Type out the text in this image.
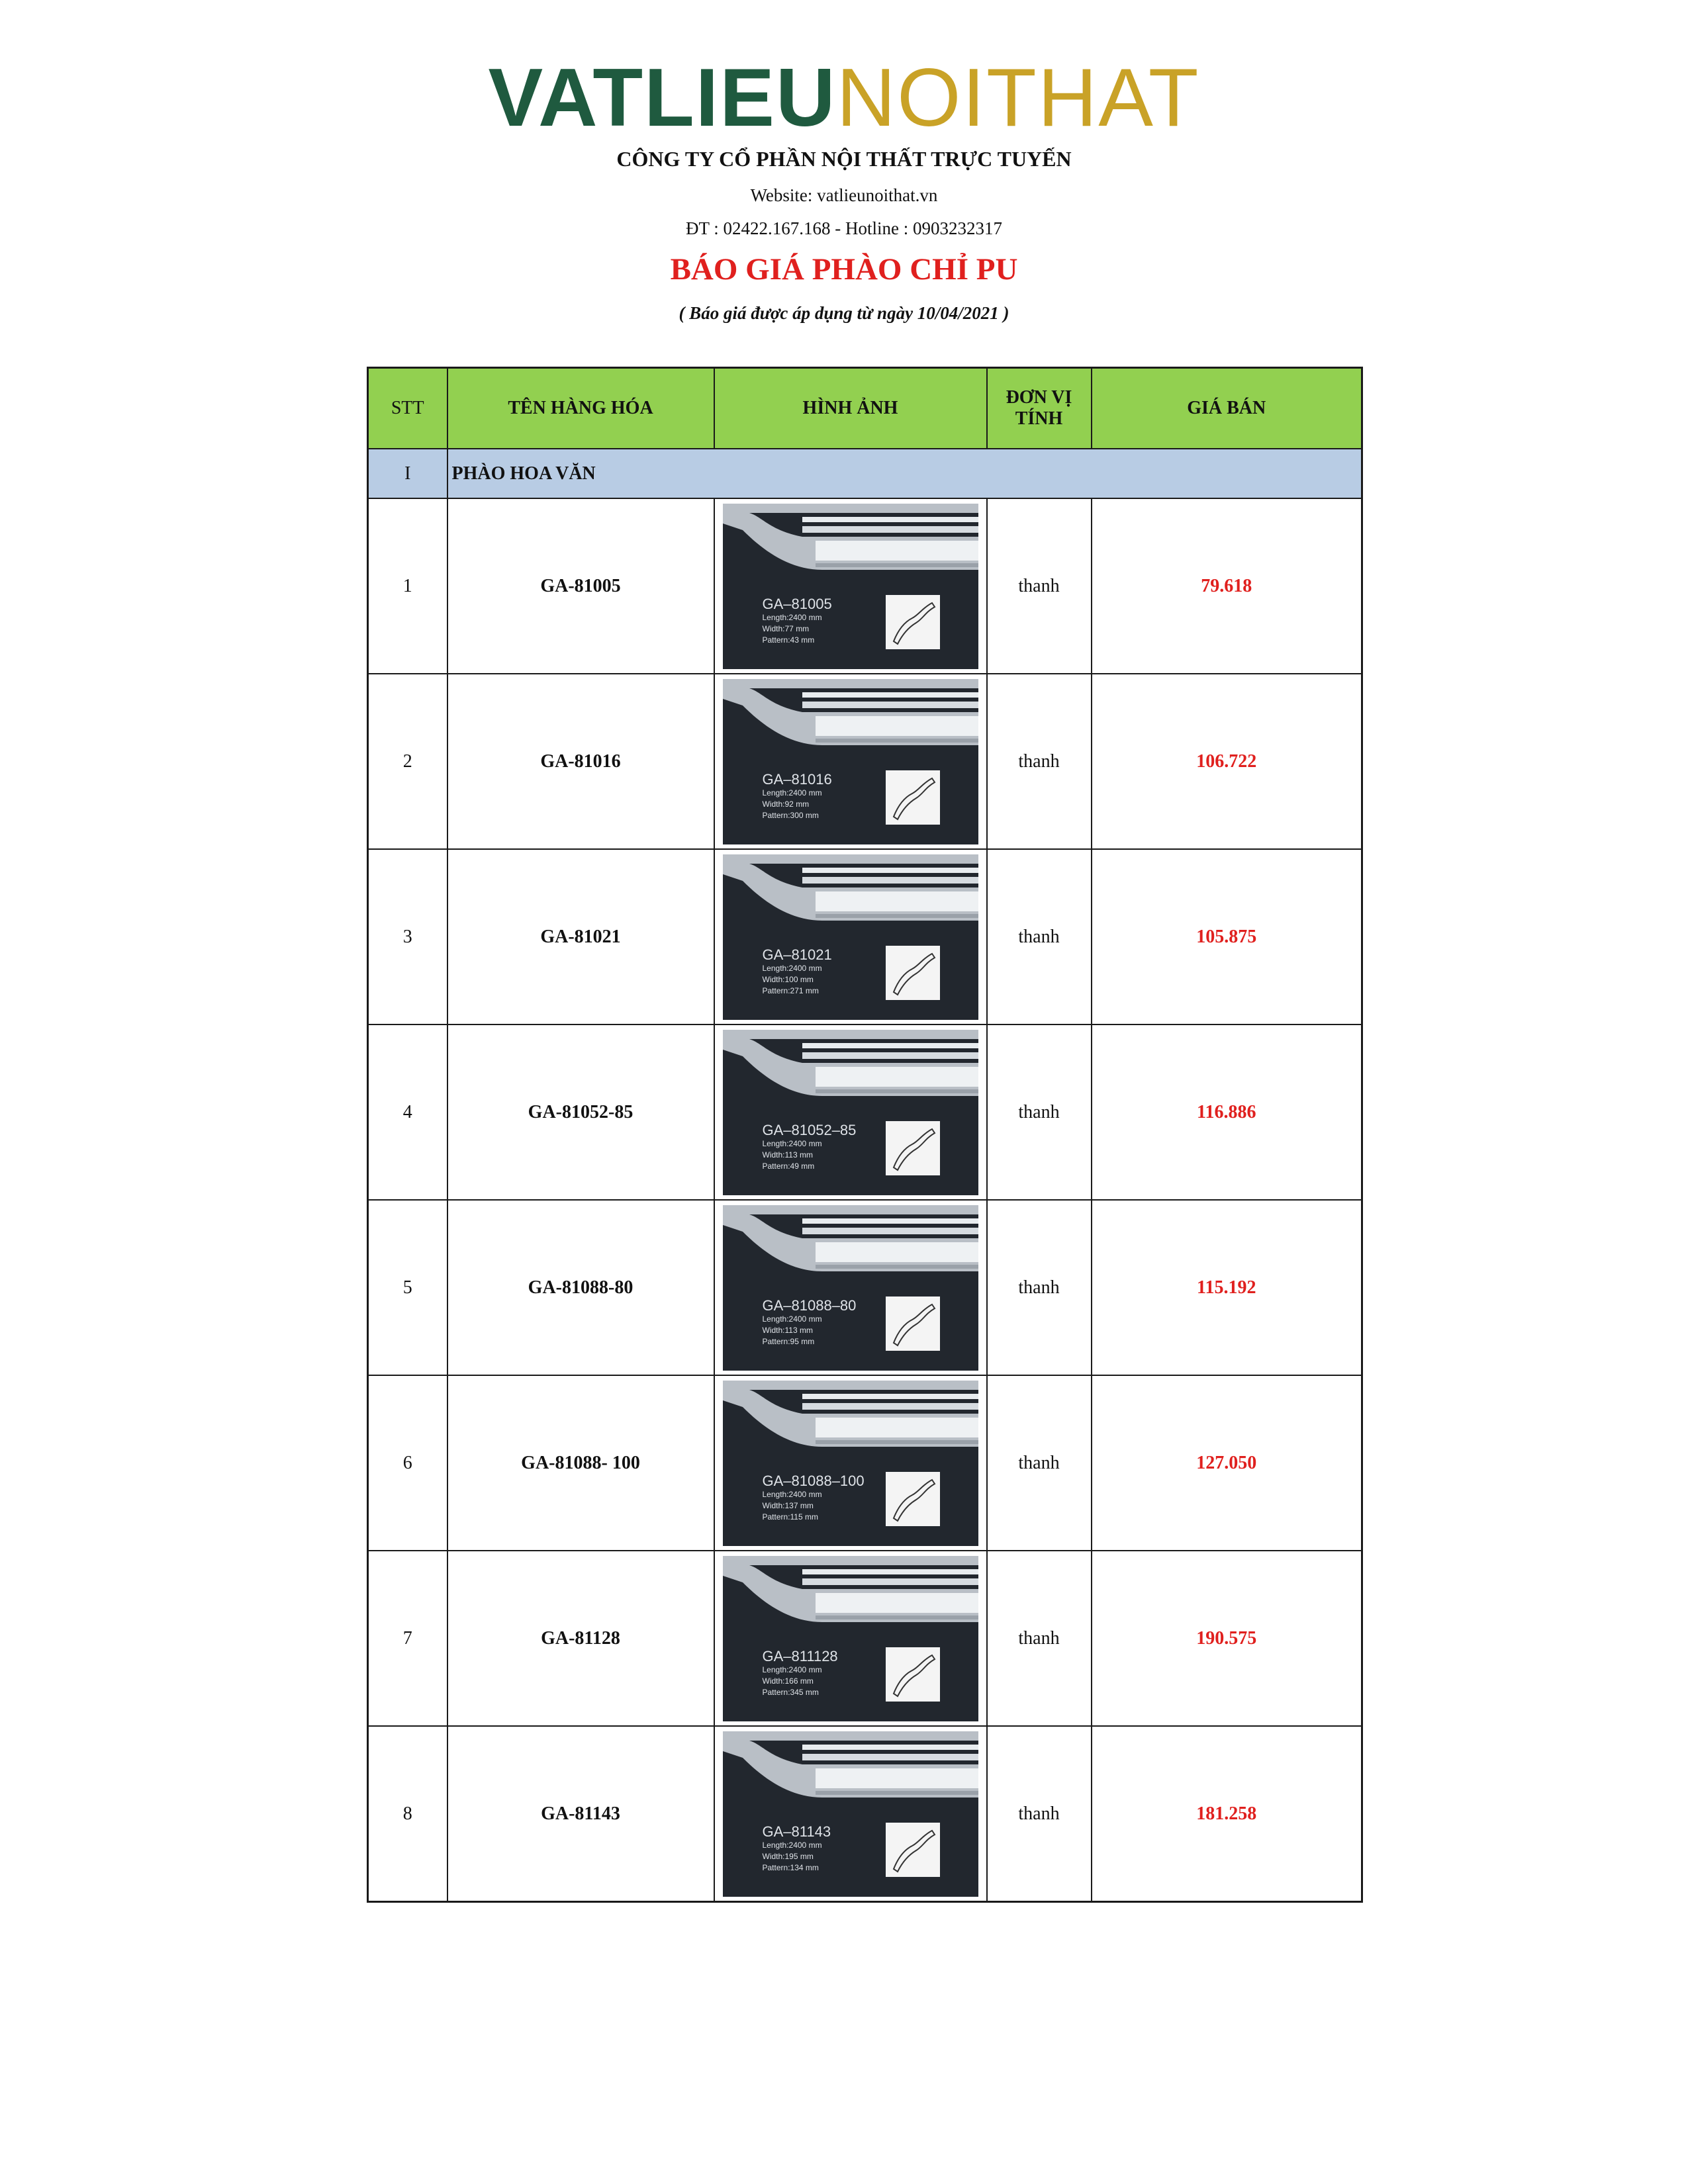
VATLIEUNOITHAT
CÔNG TY CỔ PHẦN NỘI THẤT TRỰC TUYẾN
Website: vatlieunoithat.vn
ĐT : 02422.167.168 - Hotline : 0903232317
BÁO GIÁ PHÀO CHỈ PU
( Báo giá được áp dụng từ ngày 10/04/2021 )
STT	TÊN HÀNG HÓA	HÌNH ẢNH	ĐƠN VỊ TÍNH	GIÁ BÁN
I	PHÀO HOA VĂN			
1	GA-81005	GA–81005
Length:2400 mm
Width:77 mm
Pattern:43 mm	thanh	79.618
2	GA-81016	GA–81016
Length:2400 mm
Width:92 mm
Pattern:300 mm	thanh	106.722
3	GA-81021	GA–81021
Length:2400 mm
Width:100 mm
Pattern:271 mm	thanh	105.875
4	GA-81052-85	GA–81052–85
Length:2400 mm
Width:113 mm
Pattern:49 mm	thanh	116.886
5	GA-81088-80	GA–81088–80
Length:2400 mm
Width:113 mm
Pattern:95 mm	thanh	115.192
6	GA-81088- 100	GA–81088–100
Length:2400 mm
Width:137 mm
Pattern:115 mm	thanh	127.050
7	GA-81128	GA–811128
Length:2400 mm
Width:166 mm
Pattern:345 mm	thanh	190.575
8	GA-81143	GA–81143
Length:2400 mm
Width:195 mm
Pattern:134 mm	thanh	181.258
